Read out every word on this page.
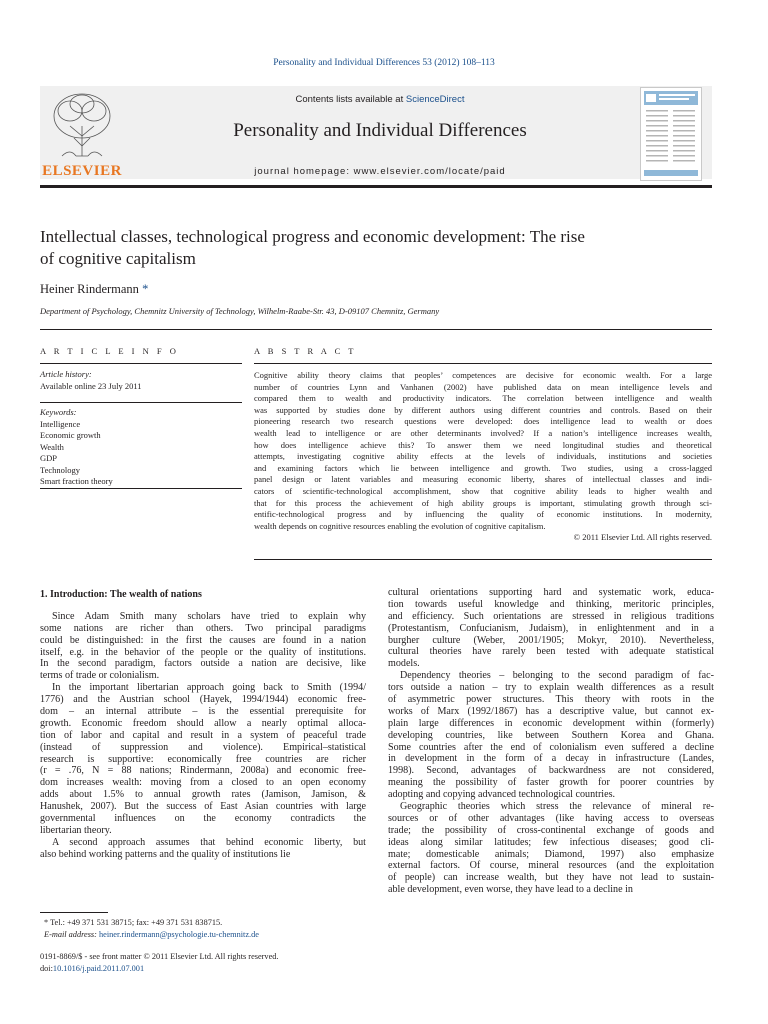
Personality and Individual Differences 53 (2012) 108–113
ELSEVIER
Contents lists available at ScienceDirect
Personality and Individual Differences
journal homepage: www.elsevier.com/locate/paid
Intellectual classes, technological progress and economic development: The rise
of cognitive capitalism
Heiner Rindermann *
Department of Psychology, Chemnitz University of Technology, Wilhelm-Raabe-Str. 43, D-09107 Chemnitz, Germany
A R T I C L E I N F O	A B S T R A C T
Article history:
Available online 23 July 2011
Keywords:
Intelligence
Economic growth
Wealth
GDP
Technology
Smart fraction theory
Cognitive ability theory claims that peoples’ competences are decisive for economic wealth. For a large
number of countries Lynn and Vanhanen (2002) have published data on mean intelligence levels and
compared them to wealth and productivity indicators. The correlation between intelligence and wealth
was supported by studies done by different authors using different countries and controls. Based on their
pioneering research two research questions were developed: does intelligence lead to wealth or does
wealth lead to intelligence or are other determinants involved? If a nation’s intelligence increases wealth,
how does intelligence achieve this? To answer them we need longitudinal studies and theoretical
attempts, investigating cognitive ability effects at the levels of individuals, institutions and societies
and examining factors which lie between intelligence and growth. Two studies, using a cross-lagged
panel design or latent variables and measuring economic liberty, shares of intellectual classes and indi-
cators of scientific-technological accomplishment, show that cognitive ability leads to higher wealth and
that for this process the achievement of high ability groups is important, stimulating growth through sci-
entific-technological progress and by influencing the quality of economic institutions. In modernity,
wealth depends on cognitive resources enabling the evolution of cognitive capitalism.
© 2011 Elsevier Ltd. All rights reserved.
1. Introduction: The wealth of nations
Since Adam Smith many scholars have tried to explain why
some nations are richer than others. Two principal paradigms
could be distinguished: in the first the causes are found in a nation
itself, e.g. in the behavior of the people or the quality of institutions.
In the second paradigm, factors outside a nation are decisive, like
terms of trade or colonialism.
In the important libertarian approach going back to Smith (1994/
1776) and the Austrian school (Hayek, 1994/1944) economic free-
dom – an internal attribute – is the essential prerequisite for
growth. Economic freedom should allow a nearly optimal alloca-
tion of labor and capital and result in a system of peaceful trade
(instead of suppression and violence). Empirical–statistical
research is supportive: economically free countries are richer
(r = .76, N = 88 nations; Rindermann, 2008a) and economic free-
dom increases wealth: moving from a closed to an open economy
adds about 1.5% to annual growth rates (Jamison, Jamison, &
Hanushek, 2007). But the success of East Asian countries with large
governmental influences on the economy contradicts the
libertarian theory.
A second approach assumes that behind economic liberty, but
also behind working patterns and the quality of institutions lie
cultural orientations supporting hard and systematic work, educa-
tion towards useful knowledge and thinking, meritoric principles,
and efficiency. Such orientations are stressed in religious traditions
(Protestantism, Confucianism, Judaism), in enlightenment and in a
burgher culture (Weber, 2001/1905; Mokyr, 2010). Nevertheless,
cultural theories have rarely been tested with adequate statistical
models.
Dependency theories – belonging to the second paradigm of fac-
tors outside a nation – try to explain wealth differences as a result
of asymmetric power structures. This theory with roots in the
works of Marx (1992/1867) has a descriptive value, but cannot ex-
plain large differences in economic development within (formerly)
developing countries, like between Southern Korea and Ghana.
Some countries after the end of colonialism even suffered a decline
in development in the form of a decay in infrastructure (Landes,
1998). Second, advantages of backwardness are not considered,
meaning the possibility of faster growth for poorer countries by
adopting and copying advanced technological countries.
Geographic theories which stress the relevance of mineral re-
sources or of other advantages (like having access to overseas
trade; the possibility of cross-continental exchange of goods and
ideas along similar latitudes; few infectious diseases; good cli-
mate; domesticable animals; Diamond, 1997) also emphasize
external factors. Of course, mineral resources (and the exploitation
of people) can increase wealth, but they have not lead to sustain-
able development, even worse, they have lead to a decline in
* Tel.: +49 371 531 38715; fax: +49 371 531 838715.
E-mail address: heiner.rindermann@psychologie.tu-chemnitz.de
0191-8869/$ - see front matter © 2011 Elsevier Ltd. All rights reserved.
doi:10.1016/j.paid.2011.07.001
